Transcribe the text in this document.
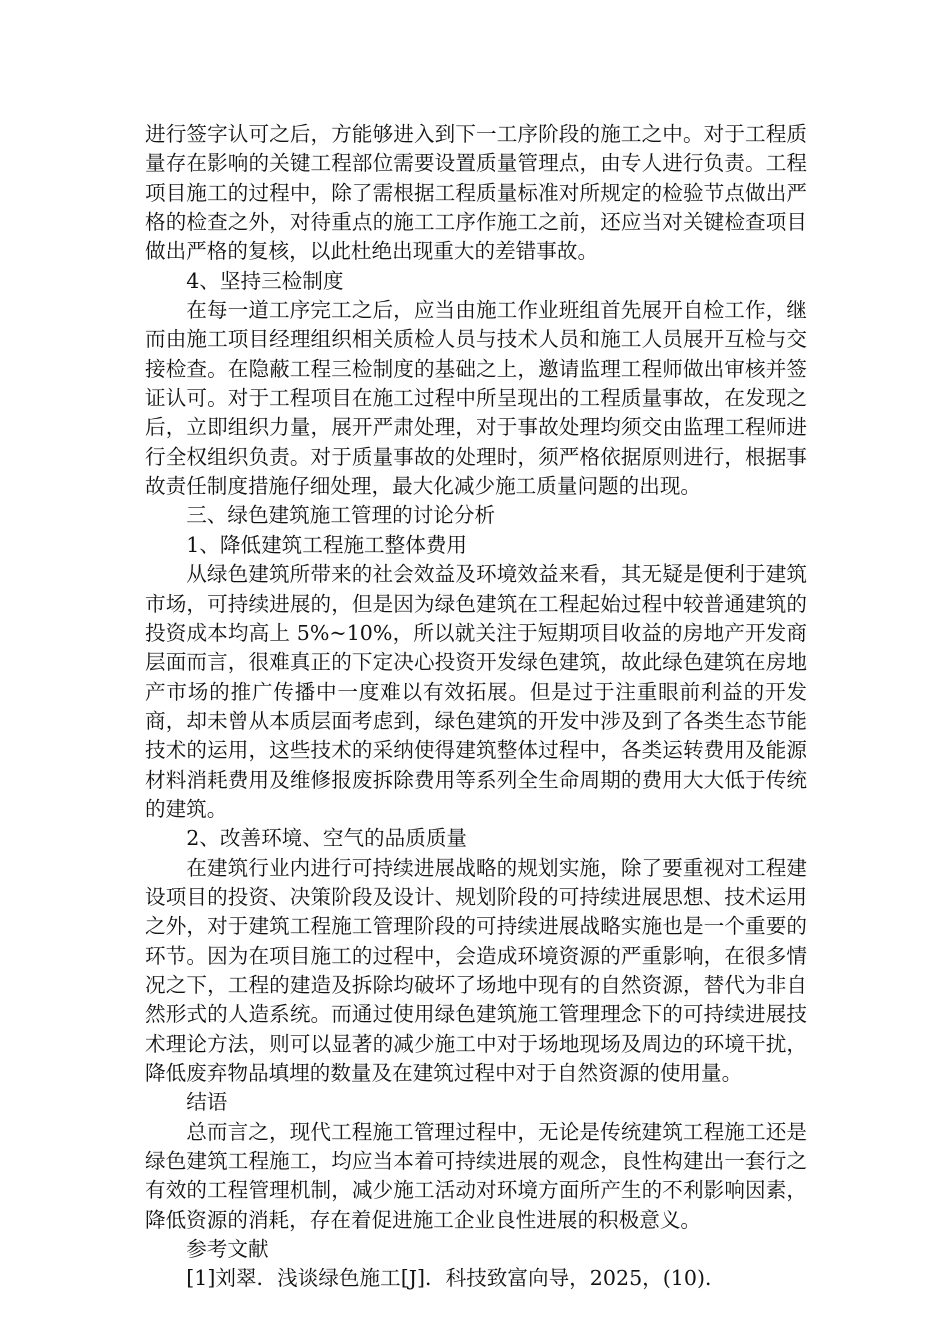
进行签字认可之后，方能够进入到下一工序阶段的施工之中。对于工程质量存在影响的关键工程部位需要设置质量管理点，由专人进行负责。工程项目施工的过程中，除了需根据工程质量标准对所规定的检验节点做出严格的检查之外，对待重点的施工工序作施工之前，还应当对关键检查项目做出严格的复核，以此杜绝出现重大的差错事故。

4、坚持三检制度

在每一道工序完工之后，应当由施工作业班组首先展开自检工作，继而由施工项目经理组织相关质检人员与技术人员和施工人员展开互检与交接检查。在隐蔽工程三检制度的基础之上，邀请监理工程师做出审核并签证认可。对于工程项目在施工过程中所呈现出的工程质量事故，在发现之后，立即组织力量，展开严肃处理，对于事故处理均须交由监理工程师进行全权组织负责。对于质量事故的处理时，须严格依据原则进行，根据事故责任制度措施仔细处理，最大化减少施工质量问题的出现。

三、绿色建筑施工管理的讨论分析

1、降低建筑工程施工整体费用

从绿色建筑所带来的社会效益及环境效益来看，其无疑是便利于建筑市场，可持续进展的，但是因为绿色建筑在工程起始过程中较普通建筑的投资成本均高上 5%~10%，所以就关注于短期项目收益的房地产开发商层面而言，很难真正的下定决心投资开发绿色建筑，故此绿色建筑在房地产市场的推广传播中一度难以有效拓展。但是过于注重眼前利益的开发商，却未曾从本质层面考虑到，绿色建筑的开发中涉及到了各类生态节能技术的运用，这些技术的采纳使得建筑整体过程中，各类运转费用及能源材料消耗费用及维修报废拆除费用等系列全生命周期的费用大大低于传统的建筑。

2、改善环境、空气的品质质量

在建筑行业内进行可持续进展战略的规划实施，除了要重视对工程建设项目的投资、决策阶段及设计、规划阶段的可持续进展思想、技术运用之外，对于建筑工程施工管理阶段的可持续进展战略实施也是一个重要的环节。因为在项目施工的过程中，会造成环境资源的严重影响，在很多情况之下，工程的建造及拆除均破坏了场地中现有的自然资源，替代为非自然形式的人造系统。而通过使用绿色建筑施工管理理念下的可持续进展技术理论方法，则可以显著的减少施工中对于场地现场及周边的环境干扰，降低废弃物品填埋的数量及在建筑过程中对于自然资源的使用量。

结语

总而言之，现代工程施工管理过程中，无论是传统建筑工程施工还是绿色建筑工程施工，均应当本着可持续进展的观念，良性构建出一套行之有效的工程管理机制，减少施工活动对环境方面所产生的不利影响因素，降低资源的消耗，存在着促进施工企业良性进展的积极意义。

参考文献

[1]刘翠．浅谈绿色施工[J]．科技致富向导，2025，(10)．
